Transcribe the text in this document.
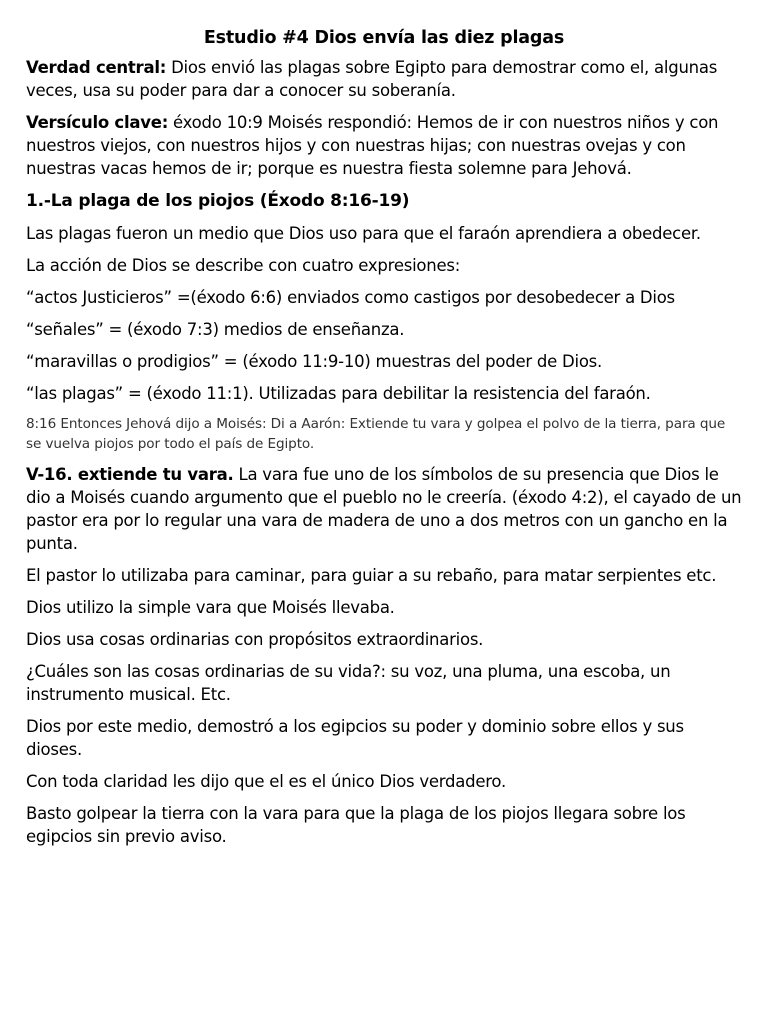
Estudio #4 Dios envía las diez plagas

Verdad central: Dios envió las plagas sobre Egipto para demostrar como el, algunas veces, usa su poder para dar a conocer su soberanía.

Versículo clave: éxodo 10:9 Moisés respondió: Hemos de ir con nuestros niños y con nuestros viejos, con nuestros hijos y con nuestras hijas; con nuestras ovejas y con nuestras vacas hemos de ir; porque es nuestra fiesta solemne para Jehová.

1.-La plaga de los piojos (Éxodo 8:16-19)

Las plagas fueron un medio que Dios uso para que el faraón aprendiera a obedecer.

La acción de Dios se describe con cuatro expresiones:

“actos Justicieros” =(éxodo 6:6) enviados como castigos por desobedecer a Dios

“señales” = (éxodo 7:3) medios de enseñanza.

“maravillas o prodigios” = (éxodo 11:9-10) muestras del poder de Dios.

“las plagas” = (éxodo 11:1). Utilizadas para debilitar la resistencia del faraón.

8:16 Entonces Jehová dijo a Moisés: Di a Aarón: Extiende tu vara y golpea el polvo de la tierra, para que se vuelva piojos por todo el país de Egipto.

V-16. extiende tu vara. La vara fue uno de los símbolos de su presencia que Dios le dio a Moisés cuando argumento que el pueblo no le creería. (éxodo 4:2), el cayado de un pastor era por lo regular una vara de madera de uno a dos metros con un gancho en la punta.

El pastor lo utilizaba para caminar, para guiar a su rebaño, para matar serpientes etc.

Dios utilizo la simple vara que Moisés llevaba.

Dios usa cosas ordinarias con propósitos extraordinarios.

¿Cuáles son las cosas ordinarias de su vida?: su voz, una pluma, una escoba, un instrumento musical. Etc.

Dios por este medio, demostró a los egipcios su poder y dominio sobre ellos y sus dioses.

Con toda claridad les dijo que el es el único Dios verdadero.

Basto golpear la tierra con la vara para que la plaga de los piojos llegara sobre los egipcios sin previo aviso.
